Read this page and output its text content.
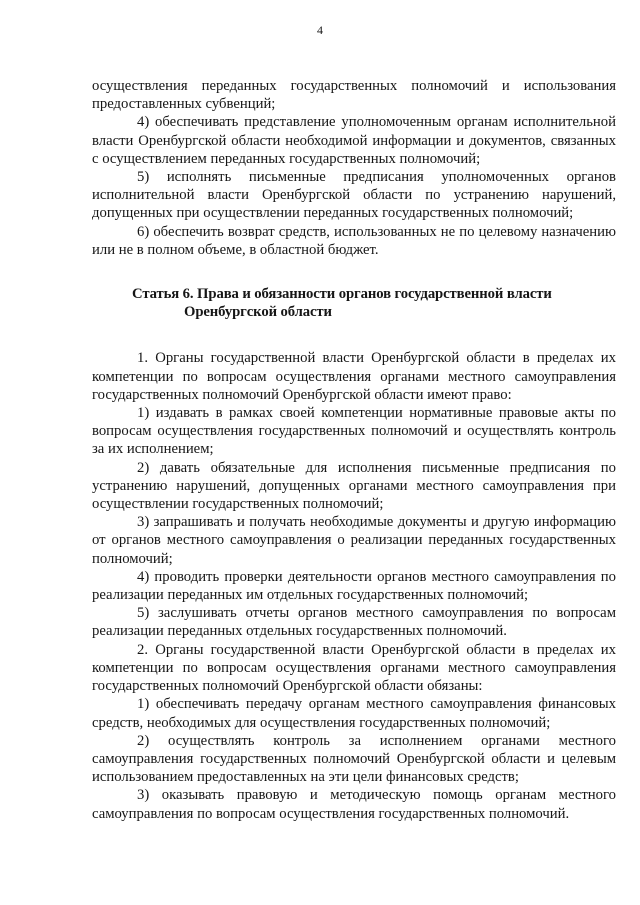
4

осуществления переданных государственных полномочий и использования предоставленных субвенций;

4) обеспечивать представление уполномоченным органам исполнительной власти Оренбургской области необходимой информации и документов, связанных с осуществлением переданных государственных полномочий;

5) исполнять письменные предписания уполномоченных органов исполнительной власти Оренбургской области по устранению нарушений, допущенных при осуществлении переданных государственных полномочий;

6) обеспечить возврат средств, использованных не по целевому назначению или не в полном объеме, в областной бюджет.

Статья 6. Права и обязанности органов государственной власти Оренбургской области

1. Органы государственной власти Оренбургской области в пределах их компетенции по вопросам осуществления органами местного самоуправления государственных полномочий Оренбургской области имеют право:

1) издавать в рамках своей компетенции нормативные правовые акты по вопросам осуществления государственных полномочий и осуществлять контроль за их исполнением;

2) давать обязательные для исполнения письменные предписания по устранению нарушений, допущенных органами местного самоуправления при осуществлении государственных полномочий;

3) запрашивать и получать необходимые документы и другую информацию от органов местного самоуправления о реализации переданных государственных полномочий;

4) проводить проверки деятельности органов местного самоуправления по реализации переданных им отдельных государственных полномочий;

5) заслушивать отчеты органов местного самоуправления по вопросам реализации переданных отдельных государственных полномочий.

2. Органы государственной власти Оренбургской области в пределах их компетенции по вопросам осуществления органами местного самоуправления государственных полномочий Оренбургской области обязаны:

1) обеспечивать передачу органам местного самоуправления финансовых средств, необходимых для осуществления государственных полномочий;

2) осуществлять контроль за исполнением органами местного самоуправления государственных полномочий Оренбургской области и целевым использованием предоставленных на эти цели финансовых средств;

3) оказывать правовую и методическую помощь органам местного самоуправления по вопросам осуществления государственных полномочий.
